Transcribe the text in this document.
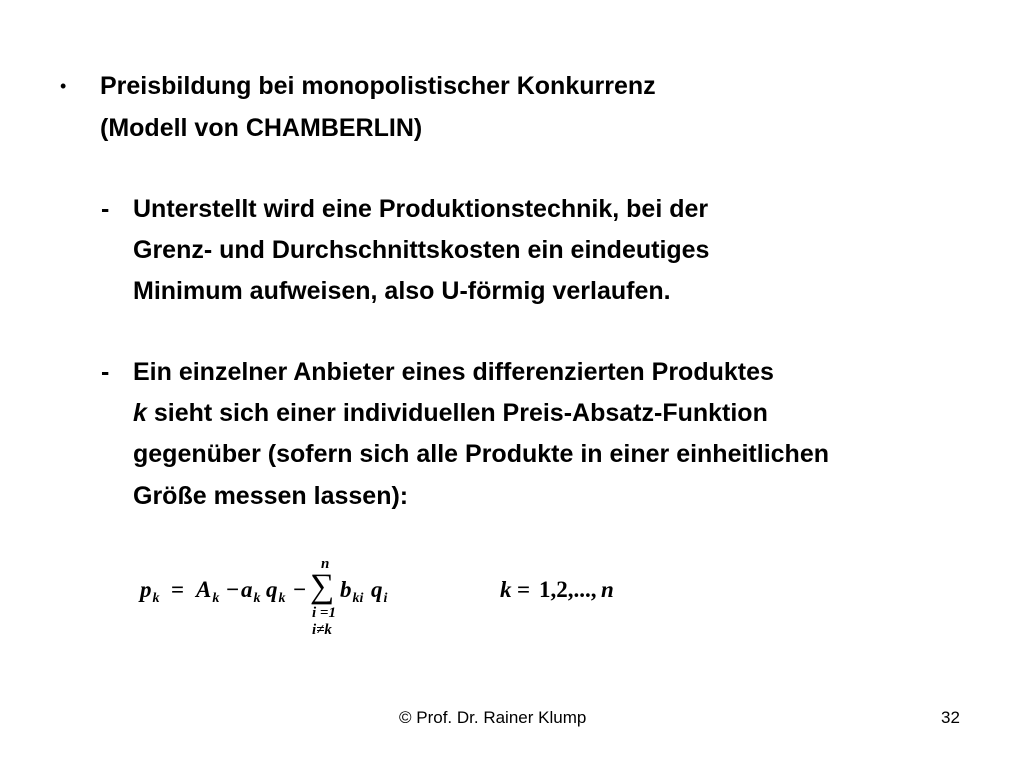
• Preisbildung bei monopolistischer Konkurrenz
(Modell von CHAMBERLIN)
- Unterstellt wird eine Produktionstechnik, bei der
Grenz- und Durchschnittskosten ein eindeutiges
Minimum aufweisen, also U-förmig verlaufen.
- Ein einzelner Anbieter eines differenzierten Produktes
k sieht sich einer individuellen Preis-Absatz-Funktion
gegenüber (sofern sich alle Produkte in einer einheitlichen
Größe messen lassen):
$p_k = A_k - a_k$ $q_k$ −
n
∑
i =1
i≠k
$b_{ki}$ $q_i$	k = 1,2,..., n
© Prof. Dr. Rainer Klump	32
